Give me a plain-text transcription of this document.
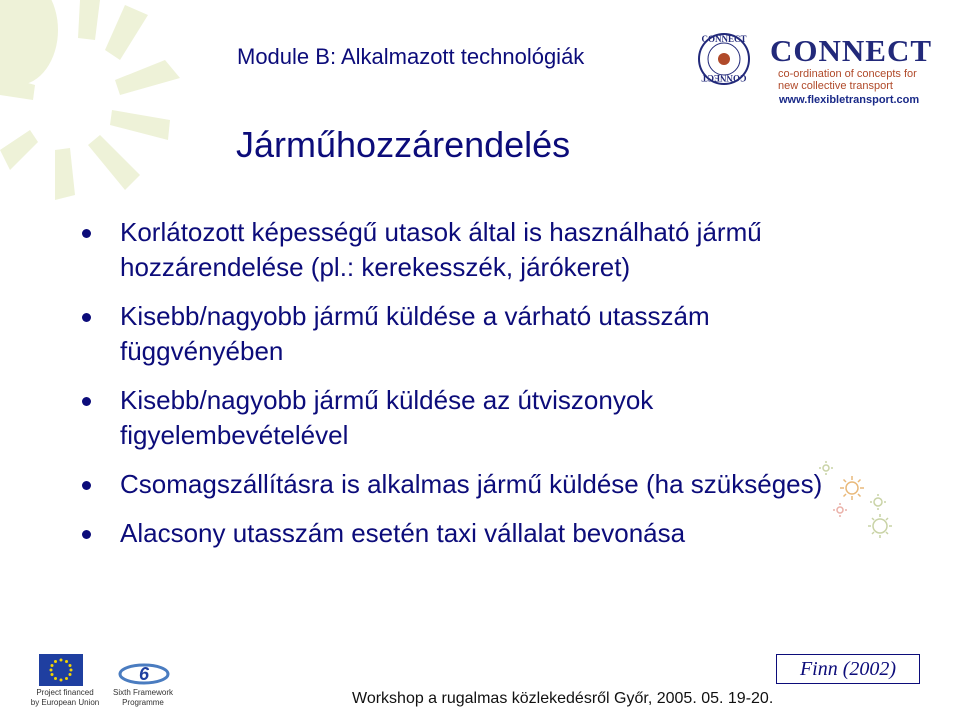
Module B: Alkalmazott technológiák
Járműhozzárendelés
CONNECT
CONNECT
CONNECT
co-ordination of concepts for
new collective transport
www.flexibletransport.com
Korlátozott képességű utasok által is használható jármű hozzárendelése (pl.: kerekesszék, járókeret)
Kisebb/nagyobb jármű küldése a várható utasszám függvényében
Kisebb/nagyobb jármű küldése az útviszonyok figyelembevételével
Csomagszállításra is alkalmas jármű küldése (ha szükséges)
Alacsony utasszám esetén taxi vállalat bevonása
Finn (2002)
Project financed
by European Union
6
Sixth Framework
Programme	Workshop a rugalmas közlekedésről Győr, 2005. 05. 19-20.
